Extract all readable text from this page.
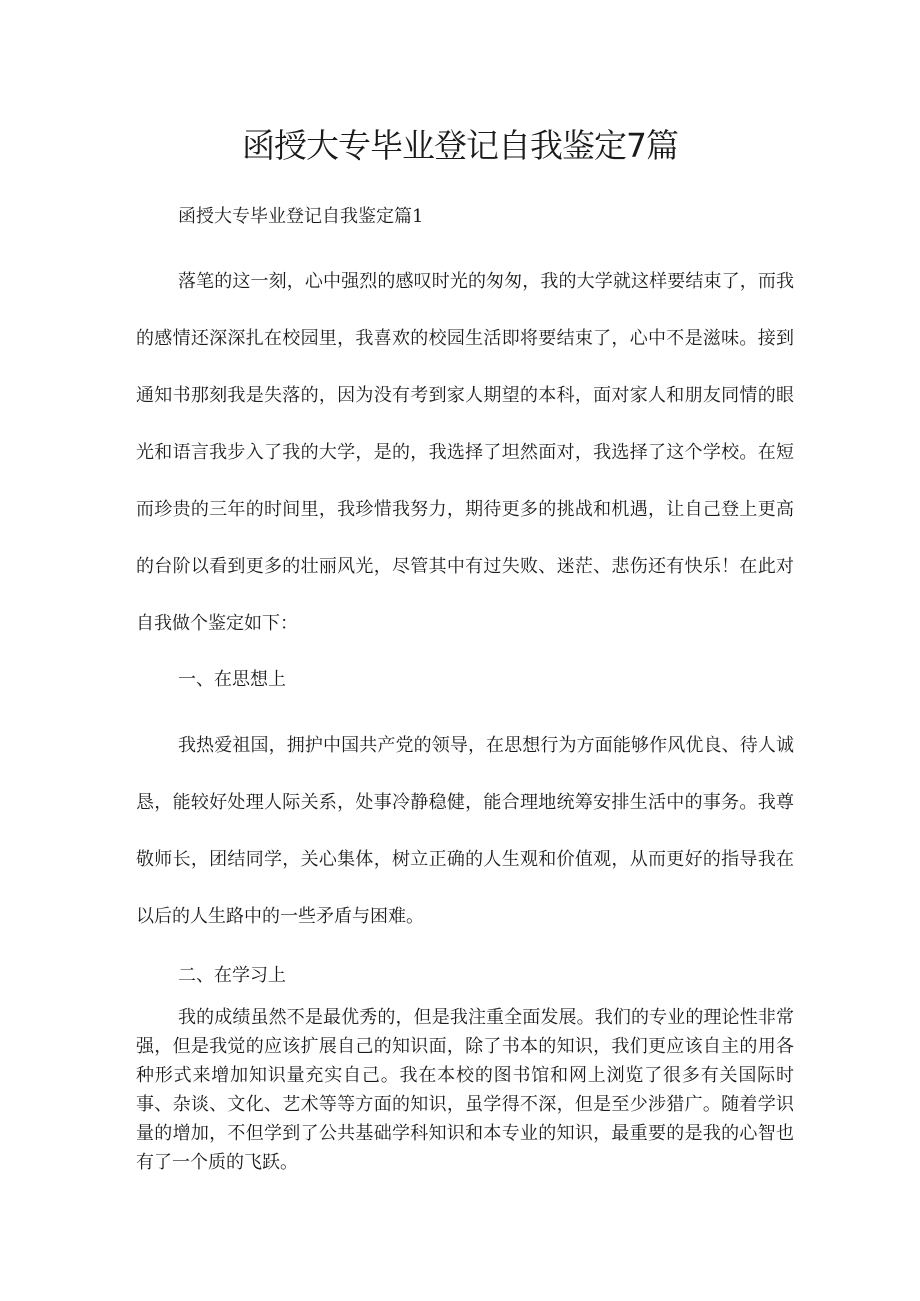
函授大专毕业登记自我鉴定7篇

函授大专毕业登记自我鉴定篇1

落笔的这一刻，心中强烈的感叹时光的匆匆，我的大学就这样要结束了，而我的感情还深深扎在校园里，我喜欢的校园生活即将要结束了，心中不是滋味。接到通知书那刻我是失落的，因为没有考到家人期望的本科，面对家人和朋友同情的眼光和语言我步入了我的大学，是的，我选择了坦然面对，我选择了这个学校。在短而珍贵的三年的时间里，我珍惜我努力，期待更多的挑战和机遇，让自己登上更高的台阶以看到更多的壮丽风光，尽管其中有过失败、迷茫、悲伤还有快乐！在此对自我做个鉴定如下：

一、在思想上

我热爱祖国，拥护中国共产党的领导，在思想行为方面能够作风优良、待人诚恳，能较好处理人际关系，处事冷静稳健，能合理地统筹安排生活中的事务。我尊敬师长，团结同学，关心集体，树立正确的人生观和价值观，从而更好的指导我在以后的人生路中的一些矛盾与困难。

二、在学习上

我的成绩虽然不是最优秀的，但是我注重全面发展。我们的专业的理论性非常强，但是我觉的应该扩展自己的知识面，除了书本的知识，我们更应该自主的用各种形式来增加知识量充实自己。我在本校的图书馆和网上浏览了很多有关国际时事、杂谈、文化、艺术等等方面的知识，虽学得不深，但是至少涉猎广。随着学识量的增加，不但学到了公共基础学科知识和本专业的知识，最重要的是我的心智也有了一个质的飞跃。
